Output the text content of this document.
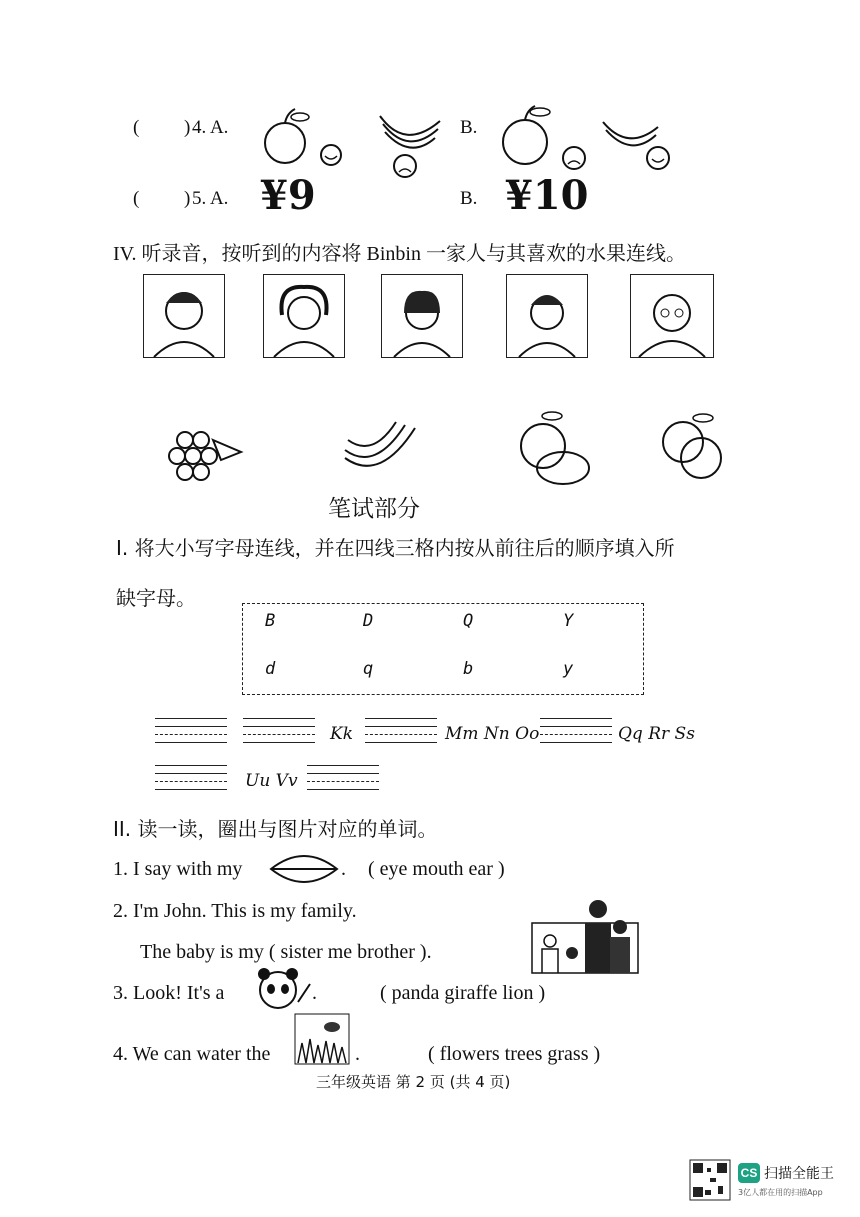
( ) 4. A.	B.
( ) 5. A. ¥9	B. ¥10
IV. 听录音，按听到的内容将 Binbin 一家人与其喜欢的水果连线。
笔试部分
I. 将大小写字母连线，并在四线三格内按从前往后的顺序填入所
缺字母。
B	D	Q	Y
d	q	b	y
Kk	Mm Nn Oo	Qq Rr Ss
Uu Vv
II. 读一读，圈出与图片对应的单词。
1. I say with my	. ( eye mouth ear )
2. I'm John. This is my family.
The baby is my ( sister me brother ).
3. Look! It's a	.	( panda giraffe lion )
4. We can water the	.	( flowers trees grass )
三年级英语 第 2 页 (共 4 页)
CS 扫描全能王
3亿人都在用的扫描App
